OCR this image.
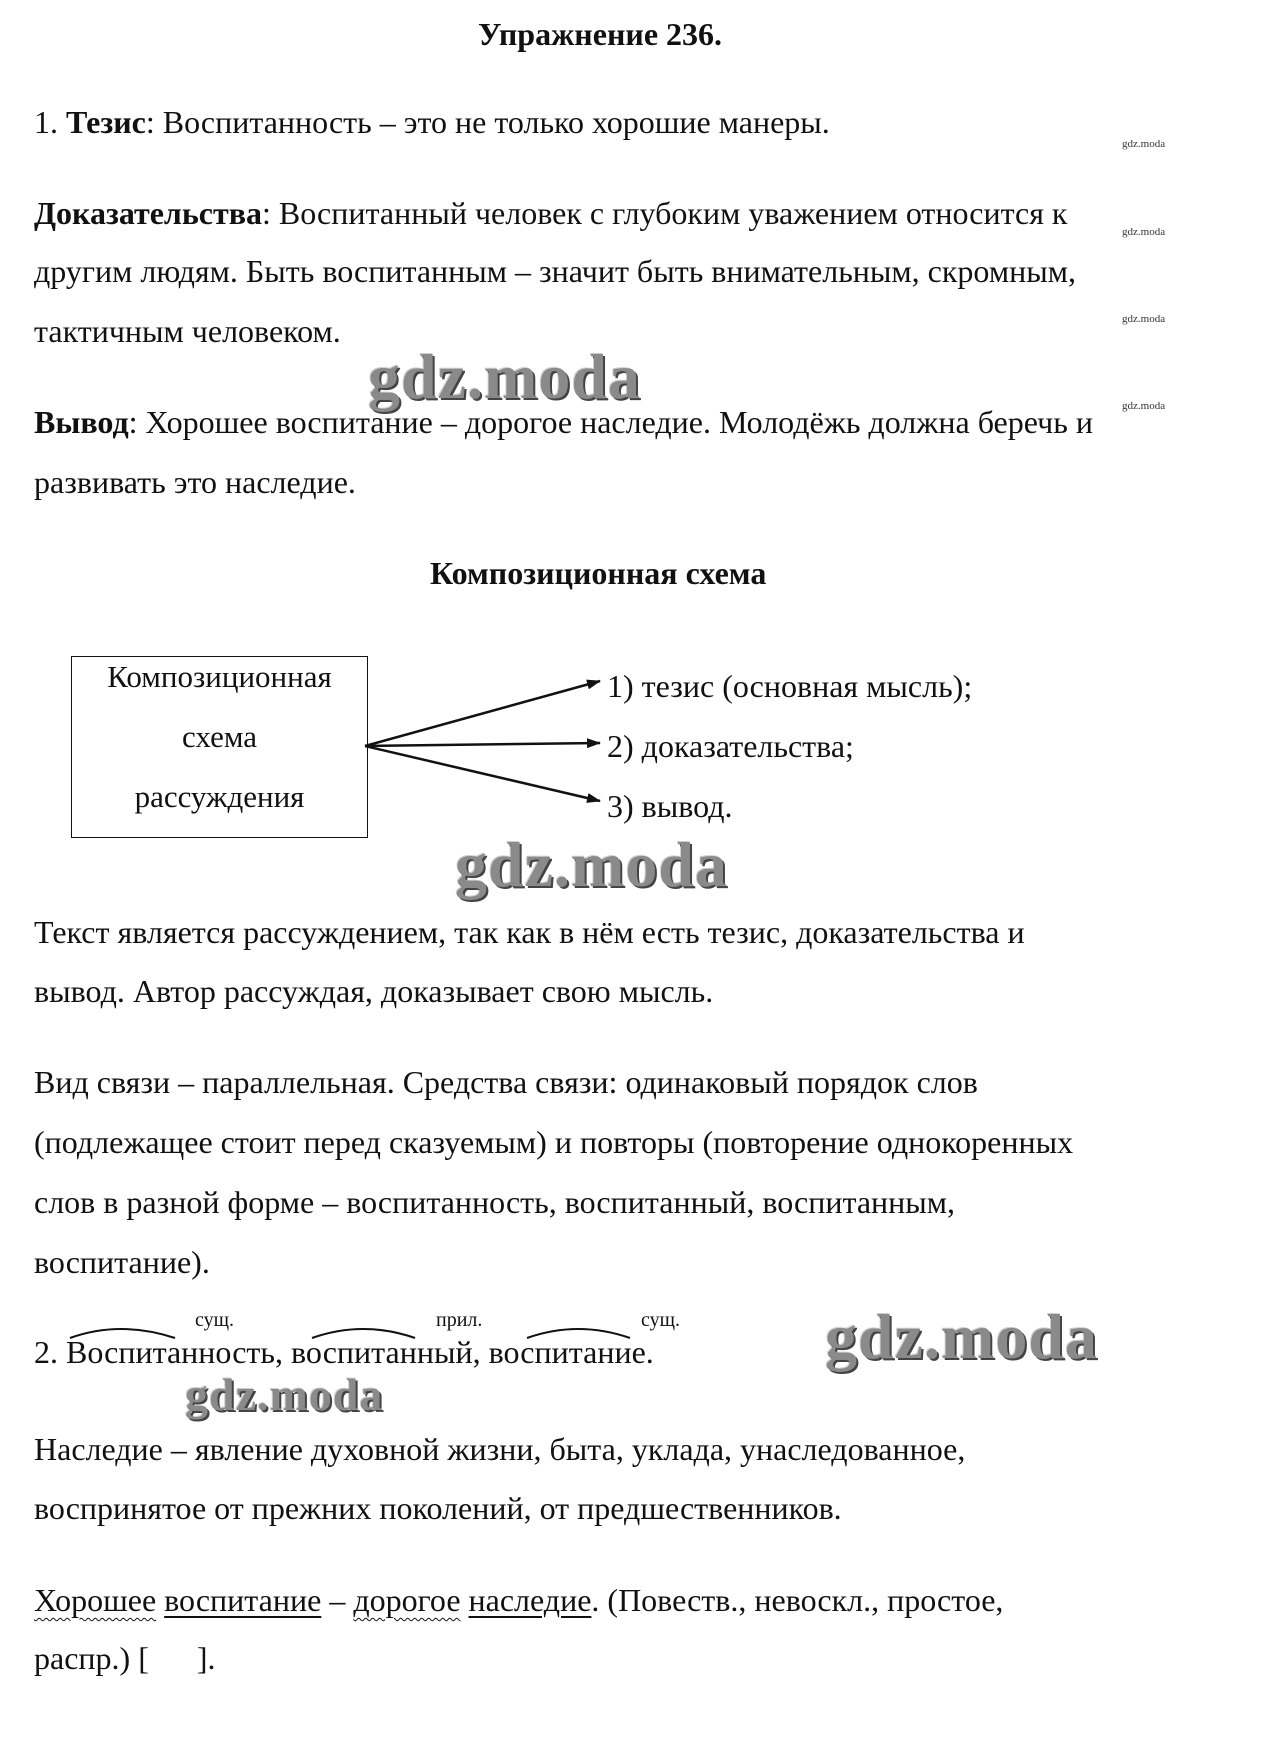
Упражнение 236.
1. Тезис: Воспитанность – это не только хорошие манеры.
Доказательства: Воспитанный человек с глубоким уважением относится к
другим людям. Быть воспитанным – значит быть внимательным, скромным,
тактичным человеком.
Вывод: Хорошее воспитание – дорогое наследие. Молодёжь должна беречь и
развивать это наследие.
Композиционная схема
Композиционная
схема
рассуждения
1) тезис (основная мысль);
2) доказательства;
3) вывод.
Текст является рассуждением, так как в нём есть тезис, доказательства и
вывод. Автор рассуждая, доказывает свою мысль.
Вид связи – параллельная. Средства связи: одинаковый порядок слов
(подлежащее стоит перед сказуемым) и повторы (повторение однокоренных
слов в разной форме – воспитанность, воспитанный, воспитанным,
воспитание).
сущ.	прил.	сущ.
2. Воспитанность, воспитанный, воспитание.
Наследие – явление духовной жизни, быта, уклада, унаследованное,
воспринятое от прежних поколений, от предшественников.
Хорошее воспитание – дорогое наследие. (Повеств., невоскл., простое,
распр.) [      ].
gdz.moda
gdz.moda
gdz.moda
gdz.moda
gdz.moda
gdz.moda
gdz.moda
gdz.moda
